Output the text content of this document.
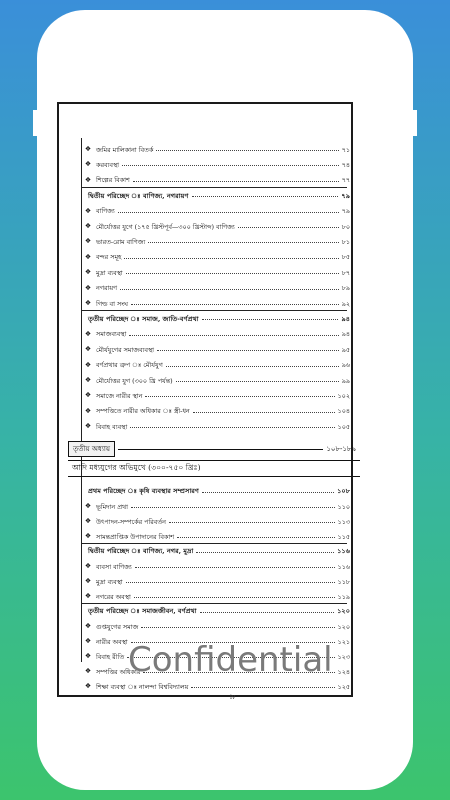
তৃতীয় অধ্যায়	১০৮-১৮৯
আদি মধ্যযুগের অভিমুখে (৩০০-৭৫০ খ্রিঃ)
iv
❖ জমির মালিকানা বিতর্ক	৭১
❖ করব্যবস্থা	৭৪
❖ শিল্পের বিকাশ	৭৭
দ্বিতীয় পরিচ্ছেদ ঃ বাণিজ্য, নগরায়ণ	৭৯
❖ বাণিজ্য	৭৯
❖ মৌর্যোত্তর যুগে (১৭৫ খ্রিস্টপূর্ব—৩০০ খ্রিস্টাব্দ) বাণিজ্য	৮০
❖ ভারত-রোম বাণিজ্য	৮১
❖ বন্দর সমূহ	৮৫
❖ মুদ্রা ব্যবস্থা	৮৭
❖ নগরায়ণ	৮৯
❖ গিল্ড বা সংঘ	৯২
তৃতীয় পরিচ্ছেদ ঃ সমাজ, জাতি-বর্ণপ্রথা	৯৪
❖ সমাজব্যবস্থা	৯৪
❖ মৌর্যযুগের সমাজব্যবস্থা	৯৫
❖ বর্ণপ্রথার ত্রুপ ঃ মৌর্যযুগ	৯৬
❖ মৌর্যোত্তর যুগ (৩০০ খ্রি পর্যন্ত)	৯৯
❖ সমাজে নারীর স্থান	১০২
❖ সম্পত্তিতে নারীর অধিকার ঃ স্ত্রী-ধন	১০৪
❖ বিবাহ ব্যবস্থা	১০৫
প্রথম পরিচ্ছেদ ঃ কৃষি ব্যবস্থার সম্প্রসারণ	১০৮
❖ ভূমিদান প্রথা	১১০
❖ উৎপাদন-সম্পর্কের পরিবর্তন	১১৩
❖ সামন্তপ্রাপ্তিক উপাদানের বিকাশ	১১৫
দ্বিতীয় পরিচ্ছেদ ঃ বাণিজ্য, নগর, মুদ্রা	১১৬
❖ ব্যবসা বাণিজ্য	১১৬
❖ মুদ্রা ব্যবস্থা	১১৮
❖ নগরের অবস্থা	১১৯
তৃতীয় পরিচ্ছেদ ঃ সমাজজীবন, বর্ণপ্রথা	১২০
❖ গুপ্তযুগের সমাজ	১২০
❖ নারীর অবস্থা	১২১
❖ বিবাহ রীতি	১২৩
❖ সম্পত্তির অধিকার	১২৪
❖ শিক্ষা ব্যবস্থা ঃ নালন্দা বিশ্ববিদ্যালয়	১২৫
Confidential
